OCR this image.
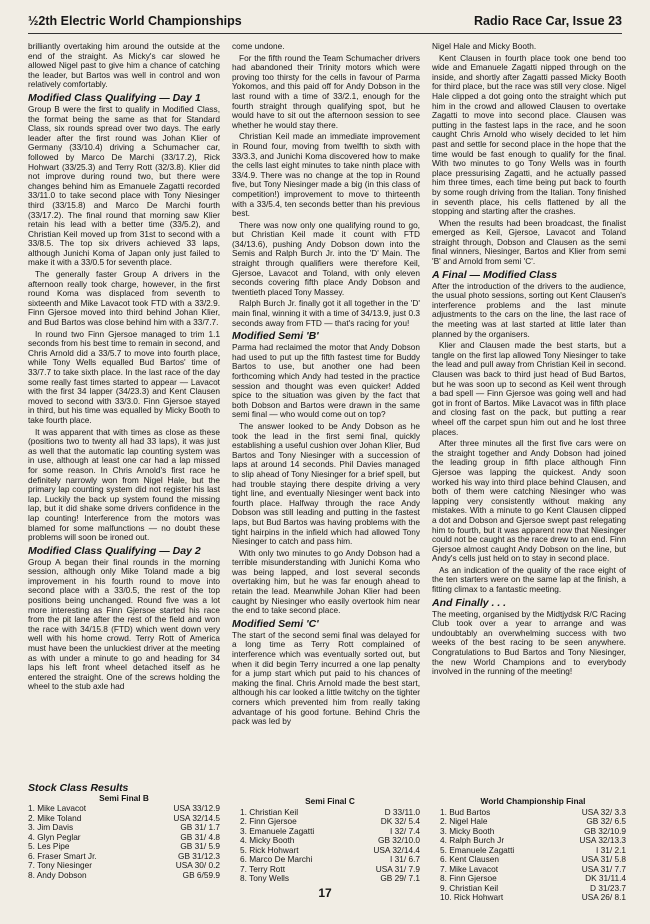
½2th Electric World Championships	Radio Race Car, Issue 23

brilliantly overtaking him around the outside at the end of the straight. As Micky's car slowed he allowed Nigel past to give him a chance of catching the leader, but Bartos was well in control and won relatively comfortably.

Modified Class Qualifying — Day 1

Group B were the first to qualify in Modified Class, the format being the same as that for Standard Class, six rounds spread over two days. The early leader after the first round was Johan Klier of Germany (33/10.4) driving a Schumacher car, followed by Marco De Marchi (33/17.2), Rick Hohwart (33/25.3) and Terry Rott (32/3.8). Klier did not improve during round two, but there were changes behind him as Emanuele Zagatti recorded 33/11.0 to take second place with Tony Niesinger third (33/15.8) and Marco De Marchi fourth (33/17.2). The final round that morning saw Klier retain his lead with a better time (33/5.2), and Christian Keil moved up from 31st to second with a 33/8.5. The top six drivers achieved 33 laps, although Junichi Koma of Japan only just failed to make it with a 33/0.5 for seventh place.

The generally faster Group A drivers in the afternoon really took charge, however, in the first round Koma was displaced from seventh to sixteenth and Mike Lavacot took FTD with a 33/2.9. Finn Gjersoe moved into third behind Johan Klier, and Bud Bartos was close behind him with a 33/7.7.

In round two Finn Gjersoe managed to trim 1.1 seconds from his best time to remain in second, and Chris Arnold did a 33/5.7 to move into fourth place, while Tony Wells equalled Bud Bartos' time of 33/7.7 to take sixth place. In the last race of the day some really fast times started to appear — Lavacot with the first 34 lapper (34/23.3) and Kent Clausen moved to second with 33/3.0. Finn Gjersoe stayed in third, but his time was equalled by Micky Booth to take fourth place.

It was apparent that with times as close as these (positions two to twenty all had 33 laps), it was just as well that the automatic lap counting system was in use, although at least one car had a lap missed for some reason. In Chris Arnold's first race he definitely narrowly won from Nigel Hale, but the primary lap counting system did not register his last lap. Luckily the back up system found the missing lap, but it did shake some drivers confidence in the lap counting! Interference from the motors was blamed for some malfunctions — no doubt these problems will soon be ironed out.

Modified Class Qualifying — Day 2

Group A began their final rounds in the morning session, although only Mike Toland made a big improvement in his fourth round to move into second place with a 33/0.5, the rest of the top positions being unchanged. Round five was a lot more interesting as Finn Gjersoe started his race from the pit lane after the rest of the field and won the race with 34/15.8 (FTD) which went down very well with his home crowd. Terry Rott of America must have been the unluckiest driver at the meeting as with under a minute to go and heading for 34 laps his left front wheel detached itself as he entered the straight. One of the screws holding the wheel to the stub axle had

come undone.

For the fifth round the Team Schumacher drivers had abandoned their Trinity motors which were proving too thirsty for the cells in favour of Parma Yokomos, and this paid off for Andy Dobson in the last round with a time of 33/2.1, enough for the fourth straight through qualifying spot, but he would have to sit out the afternoon session to see whether he would stay there.

Christian Keil made an immediate improvement in Round four, moving from twelfth to sixth with 33/3.3, and Junichi Koma discovered how to make the cells last eight minutes to take ninth place with 33/4.9. There was no change at the top in Round five, but Tony Niesinger made a big (in this class of competition!) improvement to move to thirteenth with a 33/5.4, ten seconds better than his previous best.

There was now only one qualifying round to go, but Christian Keil made it count with FTD (34/13.6), pushing Andy Dobson down into the Semis and Ralph Burch Jr. into the 'D' Main. The straight through qualifiers were therefore Keil, Gjersoe, Lavacot and Toland, with only eleven seconds covering fifth place Andy Dobson and twentieth placed Tony Massey.

Ralph Burch Jr. finally got it all together in the 'D' main final, winning it with a time of 34/13.9, just 0.3 seconds away from FTD — that's racing for you!

Modified Semi 'B'

Parma had reclaimed the motor that Andy Dobson had used to put up the fifth fastest time for Buddy Bartos to use, but another one had been forthcoming which Andy had tested in the practice session and thought was even quicker! Added spice to the situation was given by the fact that both Dobson and Bartos were drawn in the same semi final — who would come out on top?

The answer looked to be Andy Dobson as he took the lead in the first semi final, quickly establishing a useful cushion over Johan Klier, Bud Bartos and Tony Niesinger with a succession of laps at around 14 seconds. Phil Davies managed to slip ahead of Tony Niesinger for a brief spell, but had trouble staying there despite driving a very tight line, and eventually Niesinger went back into fourth place. Halfway through the race Andy Dobson was still leading and putting in the fastest laps, but Bud Bartos was having problems with the tight hairpins in the infield which had allowed Tony Niesinger to catch and pass him.

With only two minutes to go Andy Dobson had a terrible misunderstanding with Junichi Koma who was being lapped, and lost several seconds overtaking him, but he was far enough ahead to retain the lead. Meanwhile Johan Klier had been caught by Niesinger who easily overtook him near the end to take second place.

Modified Semi 'C'

The start of the second semi final was delayed for a long time as Terry Rott complained of interference which was eventually sorted out, but when it did begin Terry incurred a one lap penalty for a jump start which put paid to his chances of making the final. Chris Arnold made the best start, although his car looked a little twitchy on the tighter corners which prevented him from really taking advantage of his good fortune. Behind Chris the pack was led by

Nigel Hale and Micky Booth.

Kent Clausen in fourth place took one bend too wide and Emanuele Zagatti nipped through on the inside, and shortly after Zagatti passed Micky Booth for third place, but the race was still very close. Nigel Hale clipped a dot going onto the straight which put him in the crowd and allowed Clausen to overtake Zagatti to move into second place. Clausen was putting in the fastest laps in the race, and he soon caught Chris Arnold who wisely decided to let him past and settle for second place in the hope that the time would be fast enough to qualify for the final. With two minutes to go Tony Wells was in fourth place pressurising Zagatti, and he actually passed him three times, each time being put back to fourth by some rough driving from the Italian. Tony finished in seventh place, his cells flattened by all the stopping and starting after the crashes.

When the results had been broadcast, the finalist emerged as Keil, Gjersoe, Lavacot and Toland straight through, Dobson and Clausen as the semi final winners, Niesinger, Bartos and Klier from semi 'B' and Arnold from semi 'C'.

A Final — Modified Class

After the introduction of the drivers to the audience, the usual photo sessions, sorting out Kent Clausen's interference problems and the last minute adjustments to the cars on the line, the last race of the meeting was at last started at little later than planned by the organisers.

Klier and Clausen made the best starts, but a tangle on the first lap allowed Tony Niesinger to take the lead and pull away from Christian Keil in second. Clausen was back to third just head of Bud Bartos, but he was soon up to second as Keil went through a bad spell — Finn Gjersoe was going well and had got in front of Bartos. Mike Lavacot was in fifth place and closing fast on the pack, but putting a rear wheel off the carpet spun him out and he lost three places.

After three minutes all the first five cars were on the straight together and Andy Dobson had joined the leading group in fifth place although Finn Gjersoe was lapping the quickest. Andy soon worked his way into third place behind Clausen, and both of them were catching Niesinger who was lapping very consistently without making any mistakes. With a minute to go Kent Clausen clipped a dot and Dobson and Gjersoe swept past relegating him to fourth, but it was apparent now that Niesinger could not be caught as the race drew to an end. Finn Gjersoe almost caught Andy Dobson on the line, but Andy's cells just held on to stay in second place.

As an indication of the quality of the race eight of the ten starters were on the same lap at the finish, a fitting climax to a fantastic meeting.

And Finally . . .

The meeting, organised by the Midtjydsk R/C Racing Club took over a year to arrange and was undoubtably an overwhelming success with two weeks of the best racing to be seen anywhere. Congratulations to Bud Bartos and Tony Niesinger, the new World Champions and to everybody involved in the running of the meeting!

Stock Class Results
Semi Final B
1. Mike Lavacot	USA 33/12.9
2. Mike Toland	USA 32/14.5
3. Jim Davis	GB 31/ 1.7
4. Glyn Peglar	GB 31/ 4.8
5. Les Pipe	GB 31/ 5.9
6. Fraser Smart Jr.	GB 31/12.3
7. Tony Niesinger	USA 30/ 0.2
8. Andy Dobson	GB 6/59.9
Semi Final C
1. Christian Keil	D 33/11.0
2. Finn Gjersoe	DK 32/ 5.4
3. Emanuele Zagatti	I 32/ 7.4
4. Micky Booth	GB 32/10.0
5. Rick Hohwart	USA 32/14.4
6. Marco De Marchi	I 31/ 6.7
7. Terry Rott	USA 31/ 7.9
8. Tony Wells	GB 29/ 7.1
World Championship Final
1. Bud Bartos	USA 32/ 3.3
2. Nigel Hale	GB 32/ 6.5
3. Micky Booth	GB 32/10.9
4. Ralph Burch Jr	USA 32/13.3
5. Emanuele Zagatti	I 31/ 2.1
6. Kent Clausen	USA 31/ 5.8
7. Mike Lavacot	USA 31/ 7.7
8. Finn Gjersoe	DK 31/11.4
9. Christian Keil	D 31/23.7
10. Rick Hohwart	USA 26/ 8.1
17
